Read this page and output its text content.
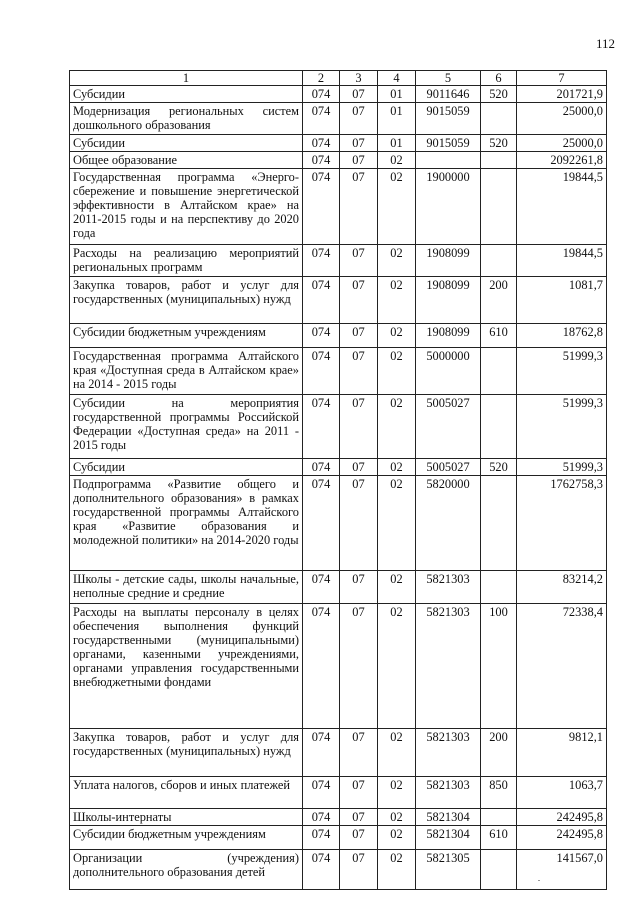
112
1	2	3	4	5	6	7
Субсидии	074	07	01	9011646	520	201721,9
Модернизация региональных систем дошкольного образования	074	07	01	9015059		25000,0
Субсидии	074	07	01	9015059	520	25000,0
Общее образование	074	07	02			2092261,8
Государственная программа «Энерго-сбережение и повышение энергетической эффективности в Алтайском крае» на 2011-2015 годы и на перспективу до 2020 года	074	07	02	1900000		19844,5
Расходы на реализацию мероприятий региональных программ	074	07	02	1908099		19844,5
Закупка товаров, работ и услуг для государственных (муниципальных) нужд	074	07	02	1908099	200	1081,7
Субсидии бюджетным учреждениям	074	07	02	1908099	610	18762,8
Государственная программа Алтайского края «Доступная среда в Алтайском крае» на 2014 - 2015 годы	074	07	02	5000000		51999,3
Субсидии на мероприятия государственной программы Российской Федерации «Доступная среда» на 2011 - 2015 годы	074	07	02	5005027		51999,3
Субсидии	074	07	02	5005027	520	51999,3
Подпрограмма «Развитие общего и дополнительного образования» в рамках государственной программы Алтайского края «Развитие образования и молодежной политики» на 2014-2020 годы	074	07	02	5820000		1762758,3
Школы - детские сады, школы начальные, неполные средние и средние	074	07	02	5821303		83214,2
Расходы на выплаты персоналу в целях обеспечения выполнения функций государственными (муниципальными) органами, казенными учреждениями, органами управления государственными внебюджетными фондами	074	07	02	5821303	100	72338,4
Закупка товаров, работ и услуг для государственных (муниципальных) нужд	074	07	02	5821303	200	9812,1
Уплата налогов, сборов и иных платежей	074	07	02	5821303	850	1063,7
Школы-интернаты	074	07	02	5821304		242495,8
Субсидии бюджетным учреждениям	074	07	02	5821304	610	242495,8
Организации (учреждения) дополнительного образования детей	074	07	02	5821305		141567,0
